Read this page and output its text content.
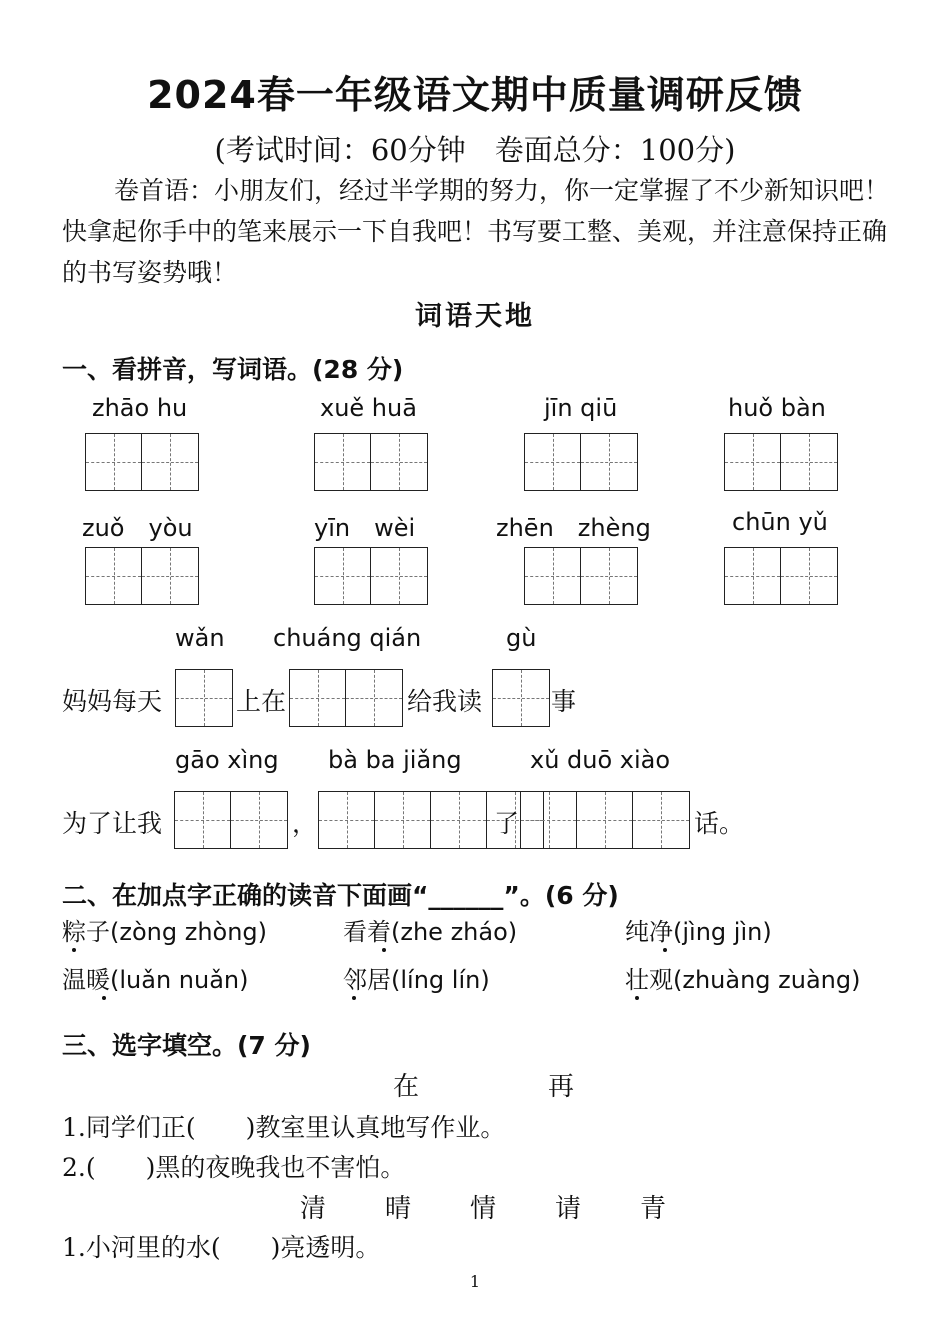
2024春一年级语文期中质量调研反馈
(考试时间：60分钟　卷面总分：100分)

卷首语：小朋友们，经过半学期的努力，你一定掌握了不少新知识吧！快拿起你手中的笔来展示一下自我吧！书写要工整、美观，并注意保持正确的书写姿势哦！

词语天地
一、看拼音，写词语。(28 分)
zhāo hu	xuě huā	jīn qiū	huǒ bàn
zuǒ　yòu	yīn　wèi	zhēn　zhèng	chūn yǔ
wǎn chuáng qián	gù
妈妈每天	上在	给我读	事
gāo xìng bà ba jiǎng	xǔ duō xiào
为了让我	，	了	话。
二、在加点字正确的读音下面画“______”。(6 分)
粽子(zòng zhòng)	看着(zhe zháo)	纯净(jìng jìn)
温暖(luǎn nuǎn)	邻居(líng lín)	壮观(zhuàng zuàng)
三、选字填空。(7 分)
在	再
1.同学们正(　　)教室里认真地写作业。
2.(　　)黑的夜晚我也不害怕。
清 晴 情 请 青
1.小河里的水(　　)亮透明。
1
